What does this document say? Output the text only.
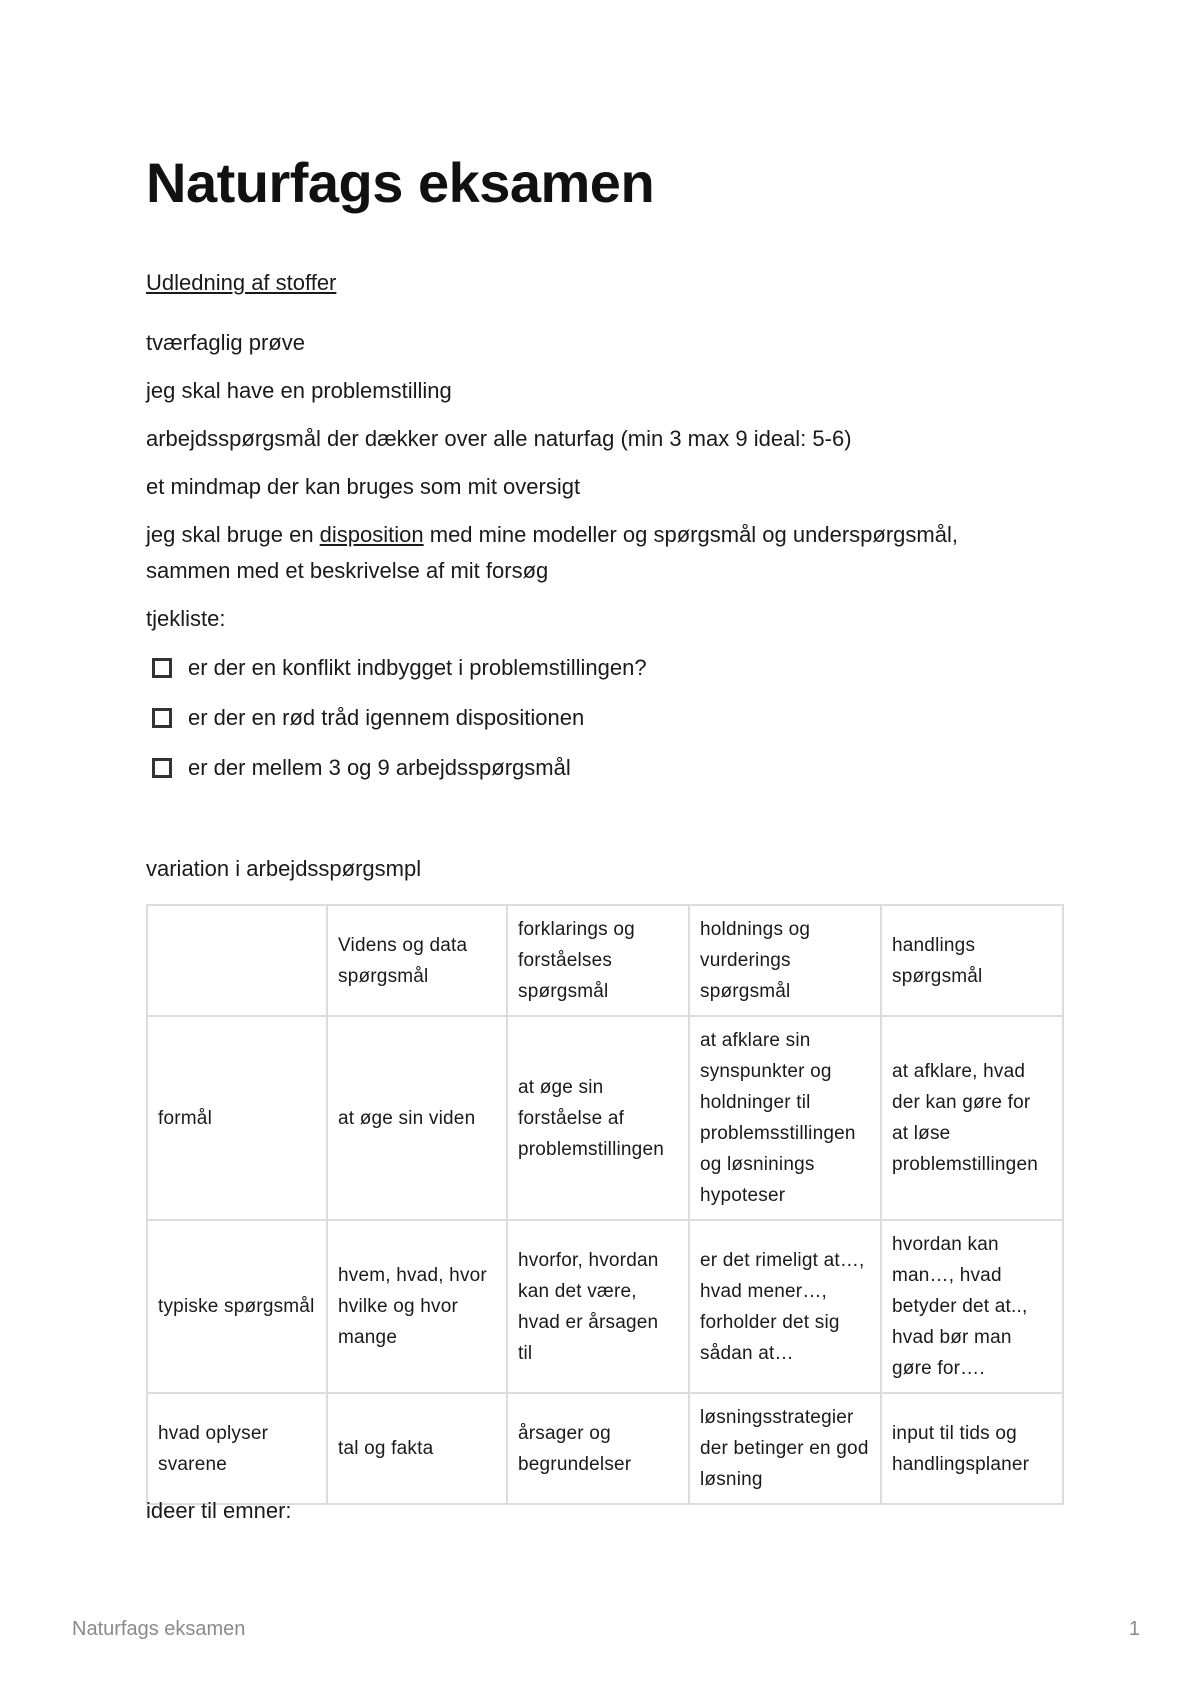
Naturfags eksamen

Udledning af stoffer

tværfaglig prøve

jeg skal have en problemstilling

arbejdsspørgsmål der dækker over alle naturfag (min 3 max 9 ideal: 5-6)

et mindmap der kan bruges som mit oversigt

jeg skal bruge en disposition med mine modeller og spørgsmål og underspørgsmål,

sammen med et beskrivelse af mit forsøg

tjekliste:

er der en konflikt indbygget i problemstillingen?
er der en rød tråd igennem dispositionen
er der mellem 3 og 9 arbejdsspørgsmål

variation i arbejdsspørgsmpl

	Videns og data spørgsmål	forklarings og forståelses spørgsmål	holdnings og vurderings spørgsmål	handlings spørgsmål
formål	at øge sin viden	at øge sin forståelse af problemstillingen	at afklare sin synspunkter og holdninger til problemsstillingen og løsninings hypoteser	at afklare, hvad der kan gøre for at løse problemstillingen
typiske spørgsmål	hvem, hvad, hvor hvilke og hvor mange	hvorfor, hvordan kan det være, hvad er årsagen til	er det rimeligt at…, hvad mener…, forholder det sig sådan at…	hvordan kan man…, hvad betyder det at.., hvad bør man gøre for….
hvad oplyser svarene	tal og fakta	årsager og begrundelser	løsningsstrategier der betinger en god løsning	input til tids og handlingsplaner

ideer til emner:

Naturfags eksamen	1
